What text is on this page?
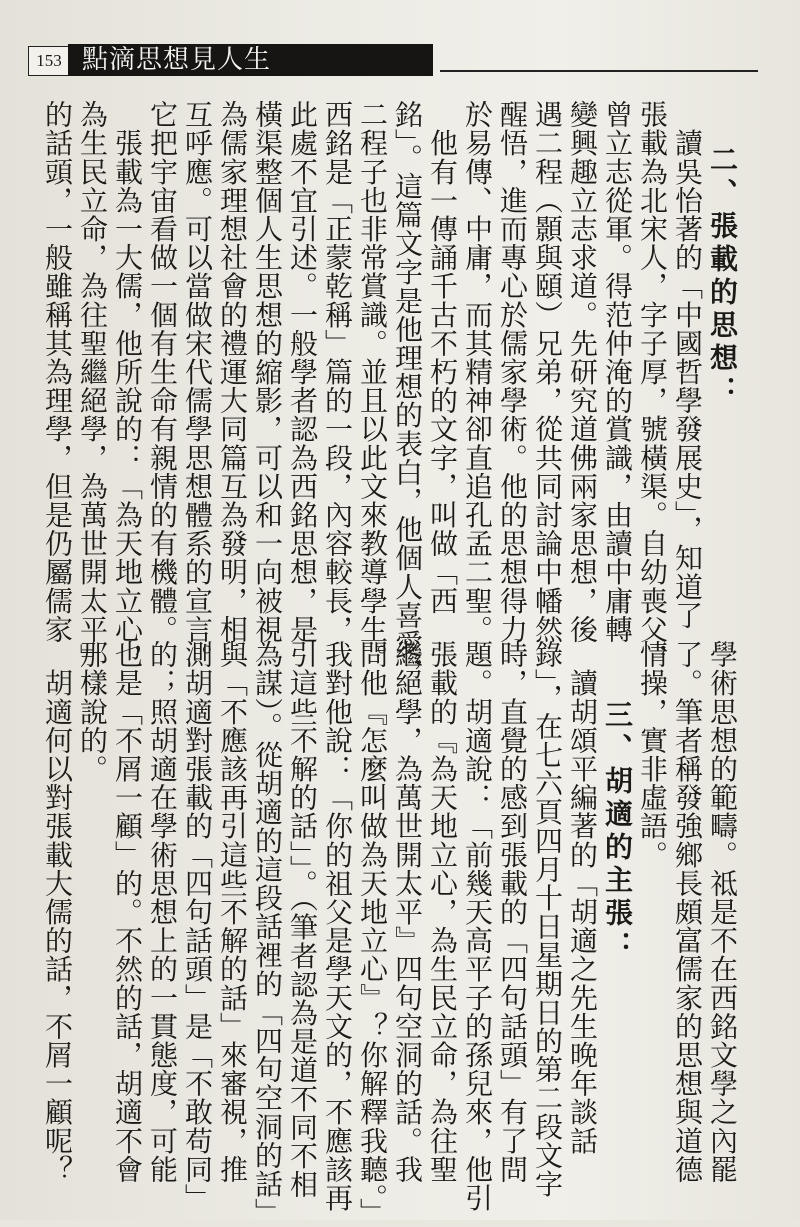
153 點滴思想見人生
二、張載的思想：
　讀吳怡著的「中國哲學發展史」，知道了
張載為北宋人，字子厚，號橫渠。自幼喪父，
曾立志從軍。得范仲淹的賞識，由讀中庸轉
變興趣立志求道。先研究道佛兩家思想，後
遇二程（顥與頤）兄弟，從共同討論中幡然
醒悟，進而專心於儒家學術。他的思想得力
於易傳、中庸，而其精神卻直追孔孟二聖。
　他有一傳誦千古不朽的文字，叫做「西
銘」。這篇文字是他理想的表白，他個人喜愛，
二程子也非常賞識。並且以此文來教導學生。
西銘是「正蒙乾稱」篇的一段，內容較長，
此處不宜引述。一般學者認為西銘思想，是
橫渠整個人生思想的縮影，可以和一向被視
為儒家理想社會的禮運大同篇互為發明，相
互呼應。可以當做宋代儒學思想體系的宣言。
它把宇宙看做一個有生命有親情的有機體。
　張載為一大儒，他所說的：「為天地立心，
為生民立命，為往聖繼絕學，為萬世開太平」
的話頭，一般雖稱其為理學，但是仍屬儒家
學術思想的範疇。祗是不在西銘文學之內罷
了。筆者稱發強鄉長頗富儒家的思想與道德
情操，實非虛語。
三、胡適的主張：
　讀胡頌平編著的「胡適之先生晚年談話
錄」，在七六頁四月十日星期日的第二段文字
時，直覺的感到張載的「四句話頭」有了問
題。胡適說：「前幾天高平子的孫兒來，他引
張載的『為天地立心，為生民立命，為往聖
繼絕學，為萬世開太平』四句空洞的話。我
問他『怎麼叫做為天地立心』？你解釋我聽。」
我對他說：「你的祖父是學天文的，不應該再
引這些不解的話」」。（筆者認為是道不同不相
為謀）。從胡適的這段話裡的「四句空洞的話」
與「不應該再引這些不解的話」來審視，推
測胡適對張載的「四句話頭」是「不敢苟同」
的；照胡適在學術思想上的一貫態度，可能
也是「不屑一顧」的。不然的話，胡適不會
那樣說的。
　胡適何以對張載大儒的話，不屑一顧呢？
